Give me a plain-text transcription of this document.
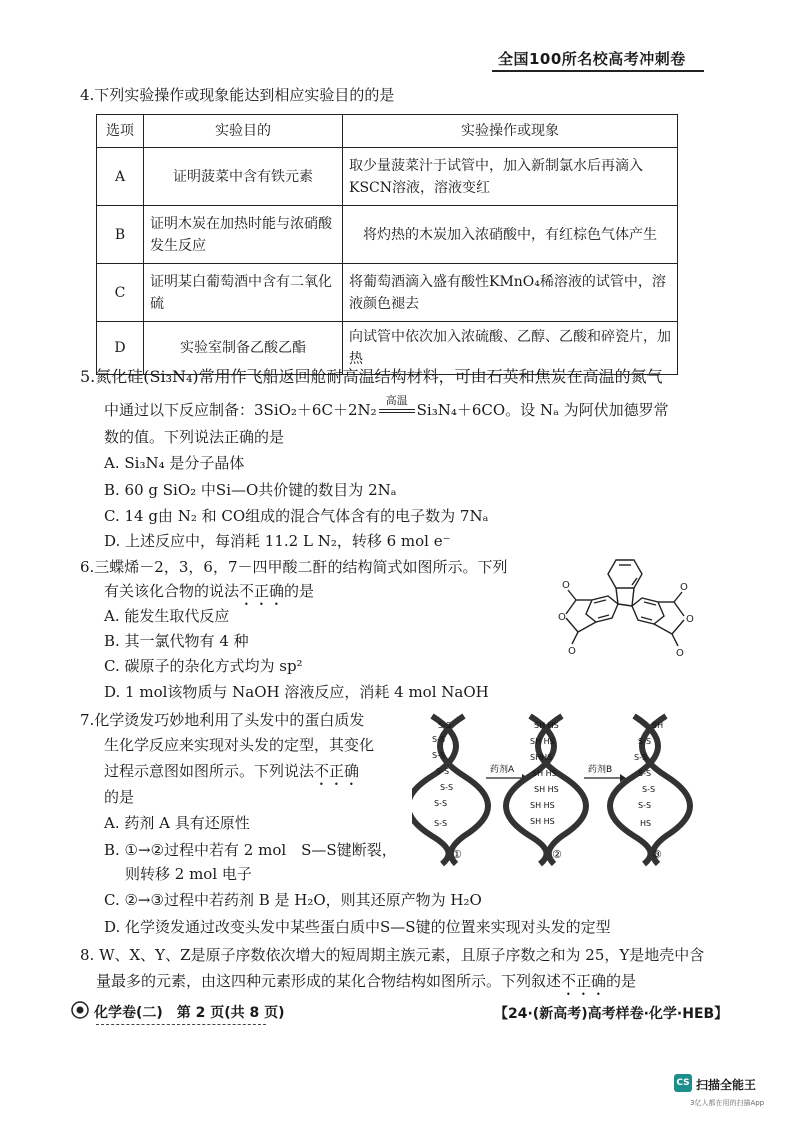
全国100所名校高考冲刺卷
4.下列实验操作或现象能达到相应实验目的的是
选项	实验目的	实验操作或现象
A	证明菠菜中含有铁元素	取少量菠菜汁于试管中，加入新制氯水后再滴入KSCN溶液，溶液变红
B	证明木炭在加热时能与浓硝酸发生反应	将灼热的木炭加入浓硝酸中，有红棕色气体产生
C	证明某白葡萄酒中含有二氧化硫	将葡萄酒滴入盛有酸性KMnO₄稀溶液的试管中，溶液颜色褪去
D	实验室制备乙酸乙酯	向试管中依次加入浓硫酸、乙醇、乙酸和碎瓷片，加热
5.氮化硅(Si₃N₄)常用作飞船返回舱耐高温结构材料，可由石英和焦炭在高温的氮气
中通过以下反应制备：3SiO₂＋6C＋2N₂
高温
Si₃N₄＋6CO。设 Nₐ 为阿伏加德罗常
数的值。下列说法正确的是
A. Si₃N₄ 是分子晶体
B. 60 g SiO₂ 中Si—O共价键的数目为 2Nₐ
C. 14 g由 N₂ 和 CO组成的混合气体含有的电子数为 7Nₐ
D. 上述反应中，每消耗 11.2 L N₂，转移 6 mol e⁻
6.三蝶烯－2，3，6，7－四甲酸二酐的结构简式如图所示。下列
有关该化合物的说法不正确的是
A. 能发生取代反应
B. 其一氯代物有 4 种
C. 碳原子的杂化方式均为 sp²
D. 1 mol该物质与 NaOH 溶液反应，消耗 4 mol NaOH
O
O
O
O
O
O
7.化学烫发巧妙地利用了头发中的蛋白质发
生化学反应来实现对头发的定型，其变化
过程示意图如图所示。下列说法不正确
的是
A. 药剂 A 具有还原性
B. ①→②过程中若有 2 mol　S—S键断裂，
则转移 2 mol 电子
C. ②→③过程中若药剂 B 是 H₂O，则其还原产物为 H₂O
D. 化学烫发通过改变头发中某些蛋白质中S—S键的位置来实现对头发的定型
S-S
S-S
S-S
S-S
S-S
S-S
S-S
药剂A
SH HS
SH HS
SHHS
SH HS
SH HS
SH HS
SH HS
药剂B
SH
S-S
S-S
S-S
S-S
S-S
HS
①	②	③
8. W、X、Y、Z是原子序数依次增大的短周期主族元素，且原子序数之和为 25，Y是地壳中含
量最多的元素，由这四种元素形成的某化合物结构如图所示。下列叙述不正确的是
化学卷(二)　第 2 页(共 8 页)	【24·(新高考)高考样卷·化学·HEB】
CS 扫描全能王
3亿人都在用的扫描App
